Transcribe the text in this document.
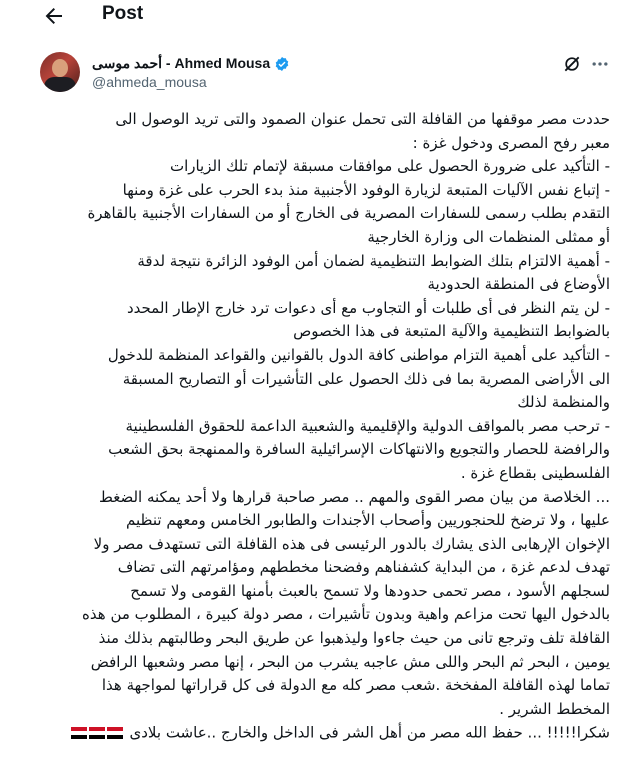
Post
أحمد موسى - Ahmed Mousa
@ahmeda_mousa
حددت مصر موقفها من القافلة التى تحمل عنوان الصمود والتى تريد الوصول الى
معبر رفح المصرى ودخول غزة :
- التأكيد على ضرورة الحصول على موافقات مسبقة لإتمام تلك الزيارات
- إتباع نفس الآليات المتبعة لزيارة الوفود الأجنبية منذ بدء الحرب على غزة ومنها
التقدم بطلب رسمى للسفارات المصرية فى الخارج أو من السفارات الأجنبية بالقاهرة
أو ممثلى المنظمات الى وزارة الخارجية
- أهمية الالتزام بتلك الضوابط التنظيمية لضمان أمن الوفود الزائرة نتيجة لدقة
الأوضاع فى المنطقة الحدودية
- لن يتم النظر فى أى طلبات أو التجاوب مع أى دعوات ترد خارج الإطار المحدد
بالضوابط التنظيمية والآلية المتبعة فى هذا الخصوص
- التأكيد على أهمية التزام مواطنى كافة الدول بالقوانين والقواعد المنظمة للدخول
الى الأراضى المصرية بما فى ذلك الحصول على التأشيرات أو التصاريح المسبقة
والمنظمة لذلك
- ترحب مصر بالمواقف الدولية والإقليمية والشعبية الداعمة للحقوق الفلسطينية
والرافضة للحصار والتجويع والانتهاكات الإسرائيلية السافرة والممنهجة بحق الشعب
الفلسطينى بقطاع غزة .
... الخلاصة من بيان مصر القوى والمهم .. مصر صاحبة قرارها ولا أحد يمكنه الضغط
عليها ، ولا ترضخ للحنجوريين وأصحاب الأجندات والطابور الخامس ومعهم تنظيم
الإخوان الإرهابى الذى يشارك بالدور الرئيسى فى هذه القافلة التى تستهدف مصر ولا
تهدف لدعم غزة ، من البداية كشفناهم وفضحنا مخططهم ومؤامرتهم التى تضاف
لسجلهم الأسود ، مصر تحمى حدودها ولا تسمح بالعبث بأمنها القومى ولا تسمح
بالدخول اليها تحت مزاعم واهية وبدون تأشيرات ، مصر دولة كبيرة ، المطلوب من هذه
القافلة تلف وترجع تانى من حيث جاءوا وليذهبوا عن طريق البحر وطالبتهم بذلك منذ
يومين ، البحر ثم البحر واللى مش عاجبه يشرب من البحر ، إنها مصر وشعبها الرافض
تماما لهذه القافلة المفخخة .شعب مصر كله مع الدولة فى كل قراراتها لمواجهة هذا
المخطط الشرير .
شكرا!!!!! ... حفظ الله مصر من أهل الشر فى الداخل والخارج ..عاشت بلادى
